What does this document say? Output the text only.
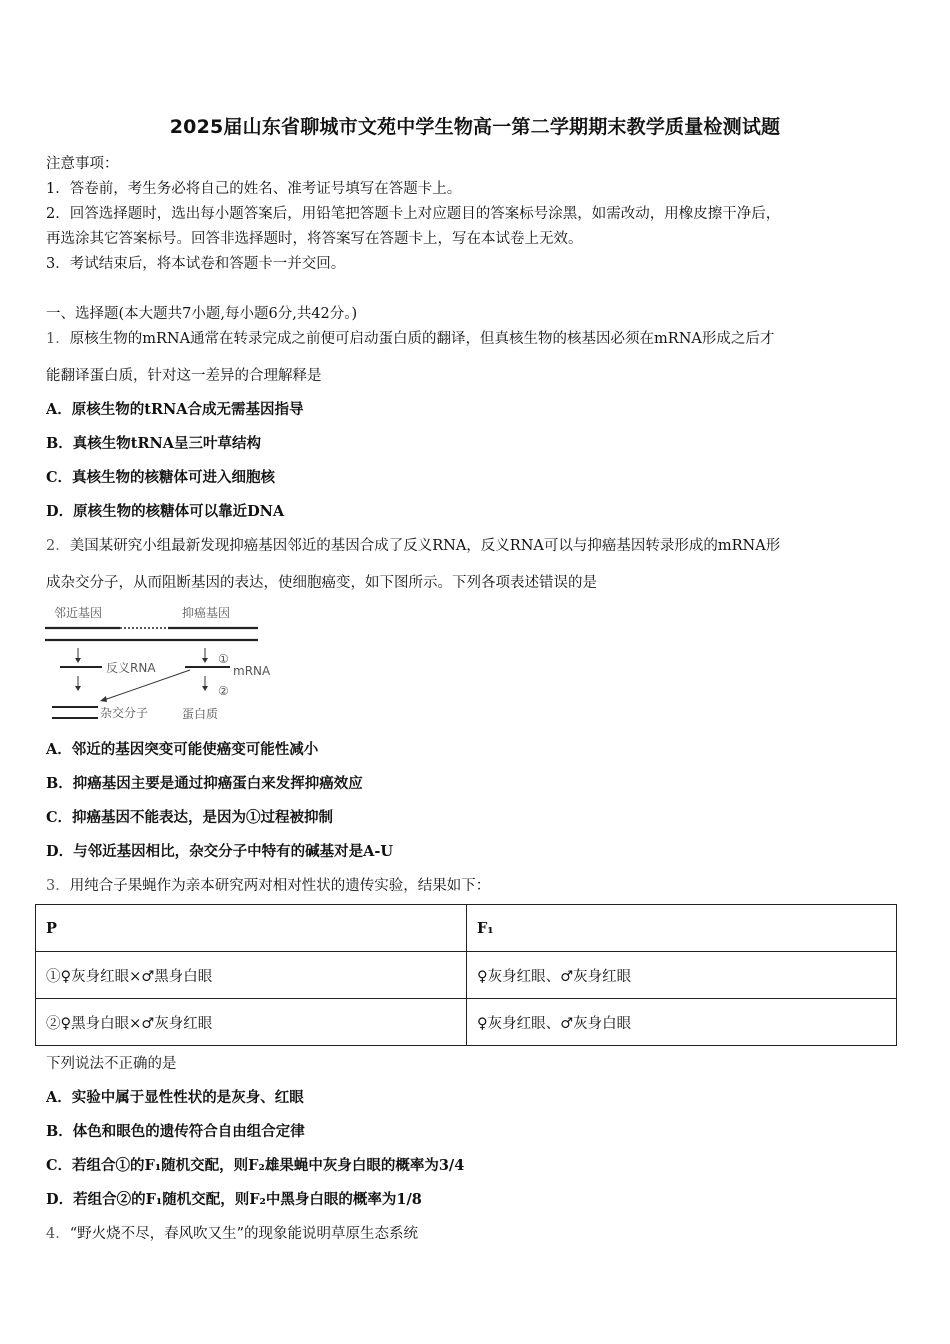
2025届山东省聊城市文苑中学生物高一第二学期期末教学质量检测试题
注意事项：
1．答卷前，考生务必将自己的姓名、准考证号填写在答题卡上。
2．回答选择题时，选出每小题答案后，用铅笔把答题卡上对应题目的答案标号涂黑，如需改动，用橡皮擦干净后，
再选涂其它答案标号。回答非选择题时，将答案写在答题卡上，写在本试卷上无效。
3．考试结束后，将本试卷和答题卡一并交回。
一、选择题(本大题共7小题,每小题6分,共42分。)
1．原核生物的mRNA通常在转录完成之前便可启动蛋白质的翻译，但真核生物的核基因必须在mRNA形成之后才
能翻译蛋白质，针对这一差异的合理解释是
A．原核生物的tRNA合成无需基因指导
B．真核生物tRNA呈三叶草结构
C．真核生物的核糖体可进入细胞核
D．原核生物的核糖体可以靠近DNA
2．美国某研究小组最新发现抑癌基因邻近的基因合成了反义RNA，反义RNA可以与抑癌基因转录形成的mRNA形
成杂交分子，从而阻断基因的表达，使细胞癌变，如下图所示。下列各项表述错误的是
邻近基因	抑癌基因
反义RNA
①
mRNA
②
杂交分子	蛋白质
A．邻近的基因突变可能使癌变可能性减小
B．抑癌基因主要是通过抑癌蛋白来发挥抑癌效应
C．抑癌基因不能表达，是因为①过程被抑制
D．与邻近基因相比，杂交分子中特有的碱基对是A-U
3．用纯合子果蝇作为亲本研究两对相对性状的遗传实验，结果如下：
P	F₁
①♀灰身红眼×♂黑身白眼	♀灰身红眼、♂灰身红眼
②♀黑身白眼×♂灰身红眼	♀灰身红眼、♂灰身白眼
下列说法不正确的是
A．实验中属于显性性状的是灰身、红眼
B．体色和眼色的遗传符合自由组合定律
C．若组合①的F₁随机交配，则F₂雄果蝇中灰身白眼的概率为3/4
D．若组合②的F₁随机交配，则F₂中黑身白眼的概率为1/8
4．“野火烧不尽，春风吹又生”的现象能说明草原生态系统
